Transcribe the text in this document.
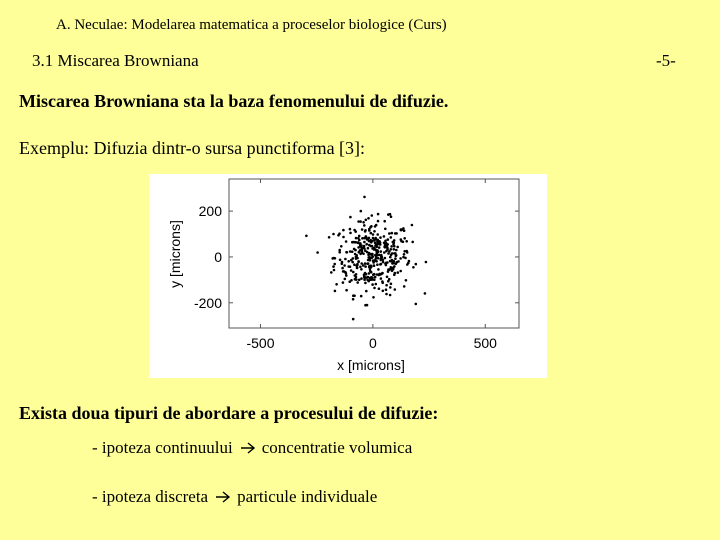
A. Neculae: Modelarea matematica a proceselor biologice (Curs)
3.1 Miscarea Browniana	-5-
Miscarea Browniana sta la baza fenomenului de difuzie.
Exemplu: Difuzia dintr-o sursa punctiforma [3]:
-500	0	500
200
0
-200
x [microns]
y [microns]
Exista doua tipuri de abordare a procesului de difuzie:
- ipoteza continuului concentratie volumica
- ipoteza discreta particule individuale
